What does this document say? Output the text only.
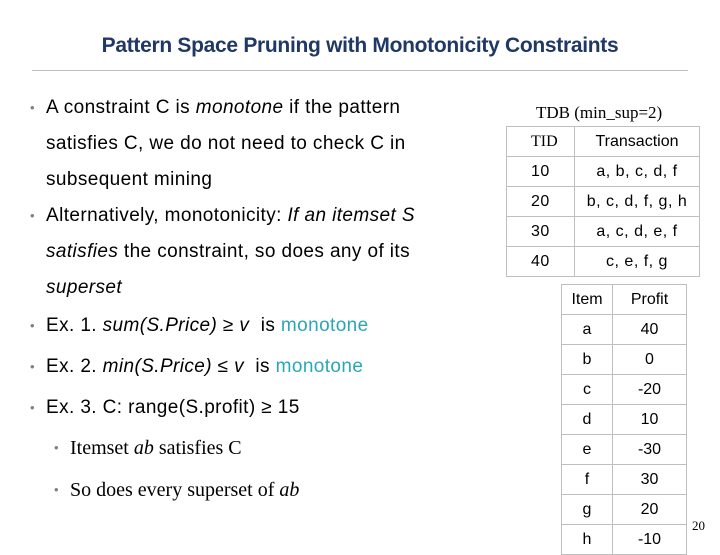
Pattern Space Pruning with Monotonicity Constraints
• A constraint C is monotone if the pattern
satisfies C, we do not need to check C in
subsequent mining
• Alternatively, monotonicity: If an itemset S
satisfies the constraint, so does any of its
superset
• Ex. 1. sum(S.Price) ≥ v  is monotone
• Ex. 2. min(S.Price) ≤ v  is monotone
• Ex. 3. C: range(S.profit) ≥ 15
• Itemset ab satisfies C
• So does every superset of ab
TDB (min_sup=2)
TID	Transaction
10	a, b, c, d, f
20	b, c, d, f, g, h
30	a, c, d, e, f
40	c, e, f, g
Item	Profit
a	40
b	0
c	-20
d	10
e	-30
f	30
g	20
h	-10
20
